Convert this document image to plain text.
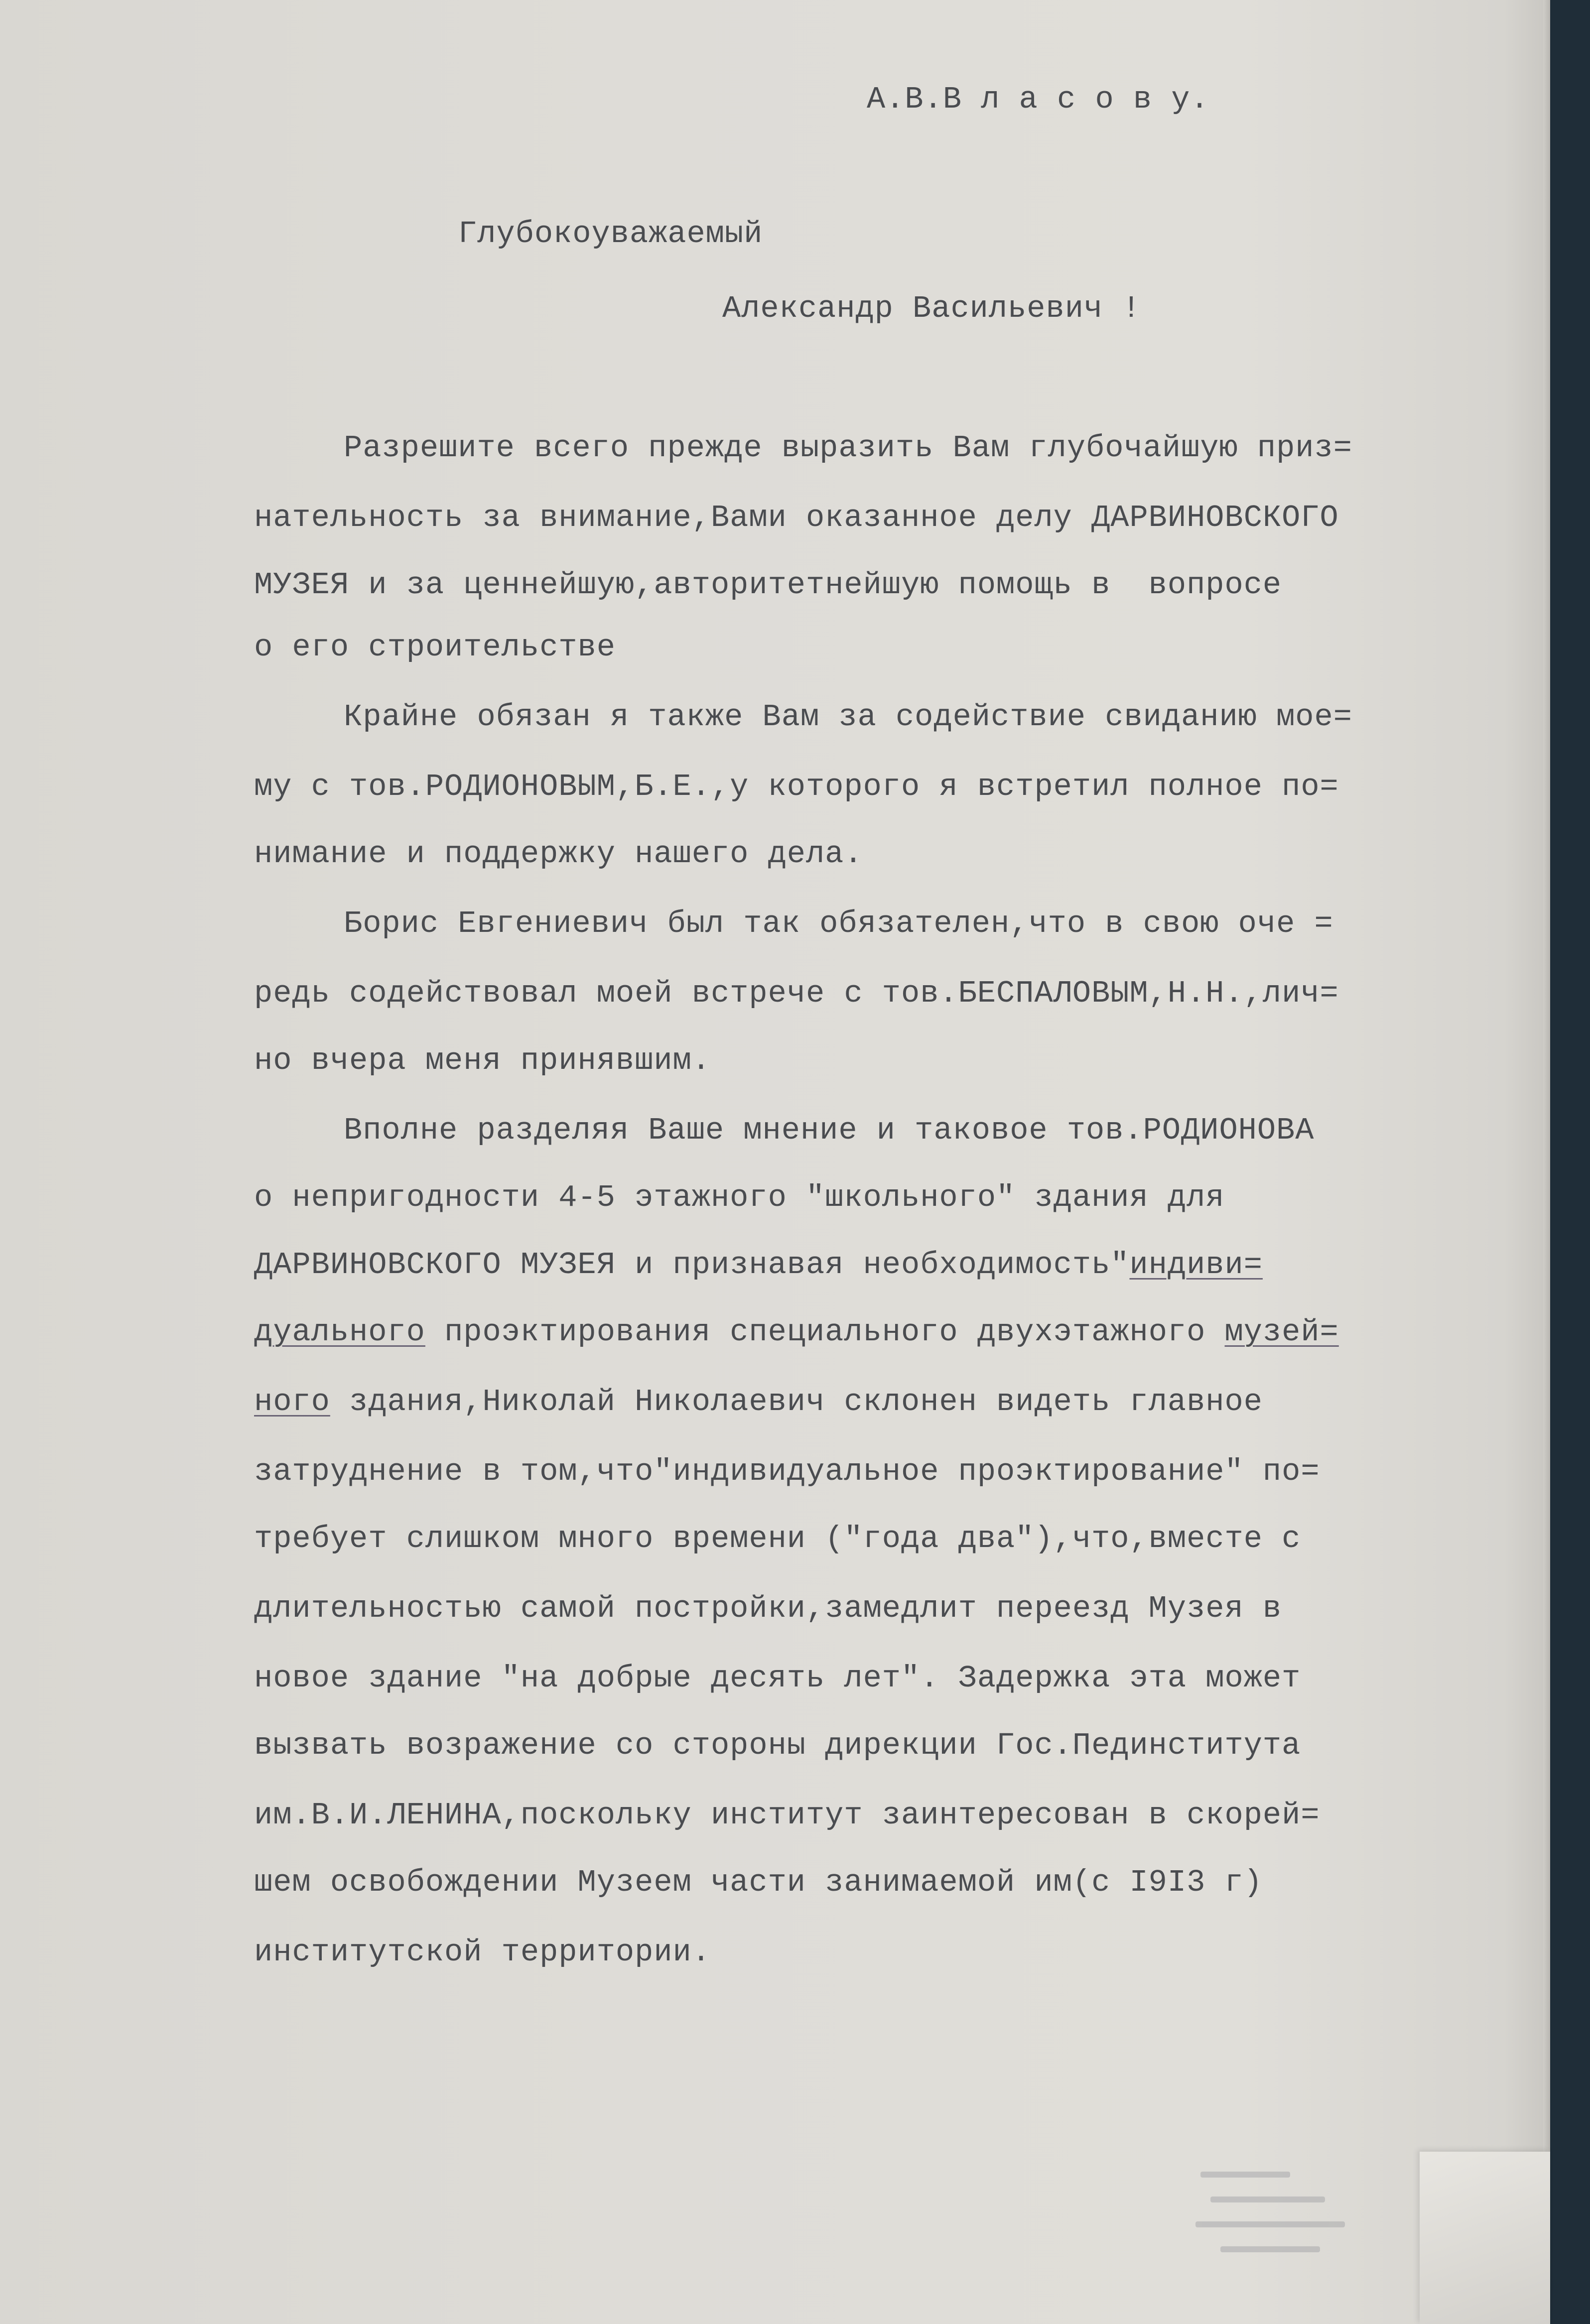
А.В.В л а с о в у.

Глубокоуважаемый

Александр Васильевич !

Разрешите всего прежде выразить Вам глубочайшую приз=

нательность за внимание,Вами оказанное делу ДАРВИНОВСКОГО

МУЗЕЯ и за ценнейшую,авторитетнейшую помощь в  вопросе

о его строительстве

Крайне обязан я также Вам за содействие свиданию мое=

му с тов.РОДИОНОВЫМ,Б.Е.,у которого я встретил полное по=

нимание и поддержку нашего дела.

Борис Евгениевич был так обязателен,что в свою оче =

редь содействовал моей встрече с тов.БЕСПАЛОВЫМ,Н.Н.,лич=

но вчера меня принявшим.

Вполне разделяя Ваше мнение и таковое тов.РОДИОНОВА

о непригодности 4-5 этажного "школьного" здания для

ДАРВИНОВСКОГО МУЗЕЯ и признавая необходимость"индиви=

дуального проэктирования специального двухэтажного музей=

ного здания,Николай Николаевич склонен видеть главное

затруднение в том,что"индивидуальное проэктирование" по=

требует слишком много времени ("года два"),что,вместе с

длительностью самой постройки,замедлит переезд Музея в

новое здание "на добрые десять лет". Задержка эта может

вызвать возражение со стороны дирекции Гос.Пединститута

им.В.И.ЛЕНИНА,поскольку институт заинтересован в скорей=

шем освобождении Музеем части занимаемой им(с I9I3 г)

институтской территории.
